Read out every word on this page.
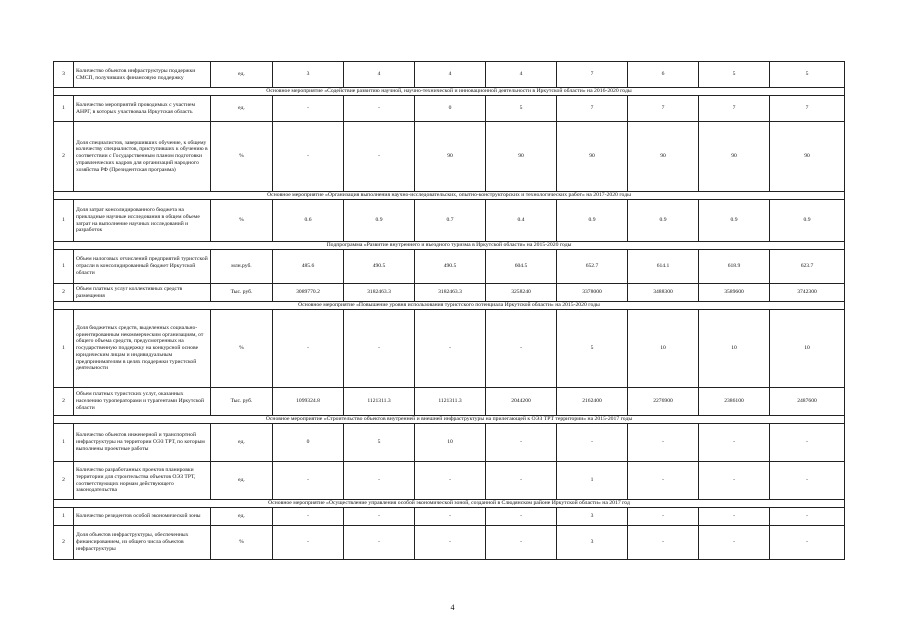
3	Количество объектов инфраструктуры поддержки СМСП, получивших финансовую поддержку	ед.	3	4	4	4	7	6	5	5
Основное мероприятие «Содействие развитию научной, научно-технической и инновационной деятельности в Иркутской области» на 2016-2020 годы										
1	Количество мероприятий проводимых с участием АНРГ, в которых участвовала Иркутская область	ед.	-	-	0	5	7	7	7	7
2	Доля специалистов, завершивших обучение, к общему количеству специалистов, приступивших к обучению в соответствии с Государственным планом подготовки управленческих кадров для организаций народного хозяйства РФ (Президентская программа)	%	-	-	90	90	90	90	90	90
Основное мероприятие «Организация выполнения научно-исследовательских, опытно-конструкторских и технологических работ» на 2017-2020 годы										
1	Доля затрат консолидированного бюджета на прикладные научные исследования в общем объеме затрат на выполнение научных исследований и разработок	%	0.6	0.9	0.7	0.4	0.9	0.9	0.9	0.9
Подпрограмма «Развитие внутреннего и въездного туризма в Иркутской области» на 2015-2020 годы										
1	Объем налоговых отчислений предприятий туристской отрасли в консолидированный бюджет Иркутской области	млн.руб.	485.6	490.5	490.5	604.5	652.7	614.1	618.9	623.7
2	Объем платных услуг коллективных средств размещения	Тыс. руб.	3089770.2	3182463.3	3182463.3	3258240	3378000	3488300	3589600	3742300
Основное мероприятие «Повышение уровня использования туристского потенциала Иркутской области» на 2015-2020 годы										
1	Доля бюджетных средств, выделенных социально-ориентированным некоммерческим организациям, от общего объема средств, предусмотренных на государственную поддержку на конкурсной основе юридическим лицам и индивидуальным предпринимателям в целях поддержки туристской деятельности	%	-	-	-	-	5	10	10	10
2	Объем платных туристских услуг, оказанных населению туроператорами и турагентами Иркутской области	Тыс. руб.	1099324.8	1121311.3	1121311.3	2044200	2162400	2276900	2386100	2487600
Основное мероприятие «Строительство объектов внутренней и внешней инфраструктуры на прилегающей к ОЭЗ ТРТ территории» на 2015-2017 годы										
1	Количество объектов инженерной и транспортной инфраструктуры на территории ОЭЗ ТРТ, по которым выполнены проектные работы	ед.	0	5	10	-	-	-	-	-
2	Количество разработанных проектов планировки территории для строительства объектов ОЭЗ ТРТ, соответствующих нормам действующего законодательства	ед.	-	-	-	-	1	-	-	-
Основное мероприятие «Осуществление управления особой экономической зоной, созданной в Слюдянском районе Иркутской области» на 2017 год										
1	Количество резидентов особой экономической зоны	ед.	-	-	-	-	3	-	-	-
2	Доля объектов инфраструктуры, обеспеченных финансированием, из общего числа объектов инфраструктуры	%	-	-	-	-	3	-	-	-
4
